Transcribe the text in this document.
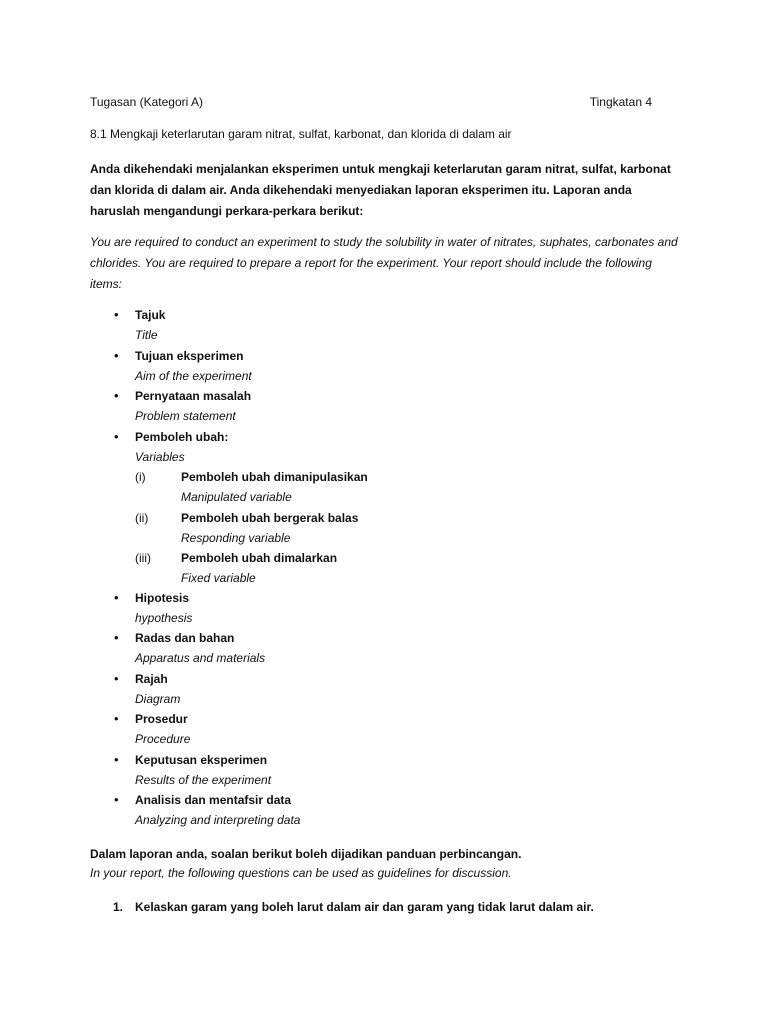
Tugasan (Kategori A)	Tingkatan 4
8.1 Mengkaji keterlarutan garam nitrat, sulfat, karbonat, dan klorida di dalam air
Anda dikehendaki menjalankan eksperimen untuk mengkaji keterlarutan garam nitrat, sulfat, karbonat dan klorida di dalam air. Anda dikehendaki menyediakan laporan eksperimen itu. Laporan anda haruslah mengandungi perkara-perkara berikut:
You are required to conduct an experiment to study the solubility in water of nitrates, suphates, carbonates and chlorides. You are required to prepare a report for the experiment. Your report should include the following items:
• Tajuk
Title
• Tujuan eksperimen
Aim of the experiment
• Pernyataan masalah
Problem statement
• Pemboleh ubah:
Variables
(i)	Pemboleh ubah dimanipulasikan
Manipulated variable
(ii)	Pemboleh ubah bergerak balas
Responding variable
(iii)	Pemboleh ubah dimalarkan
Fixed variable
• Hipotesis
hypothesis
• Radas dan bahan
Apparatus and materials
• Rajah
Diagram
• Prosedur
Procedure
• Keputusan eksperimen
Results of the experiment
• Analisis dan mentafsir data
Analyzing and interpreting data
Dalam laporan anda, soalan berikut boleh dijadikan panduan perbincangan.
In your report, the following questions can be used as guidelines for discussion.
1. Kelaskan garam yang boleh larut dalam air dan garam yang tidak larut dalam air.
